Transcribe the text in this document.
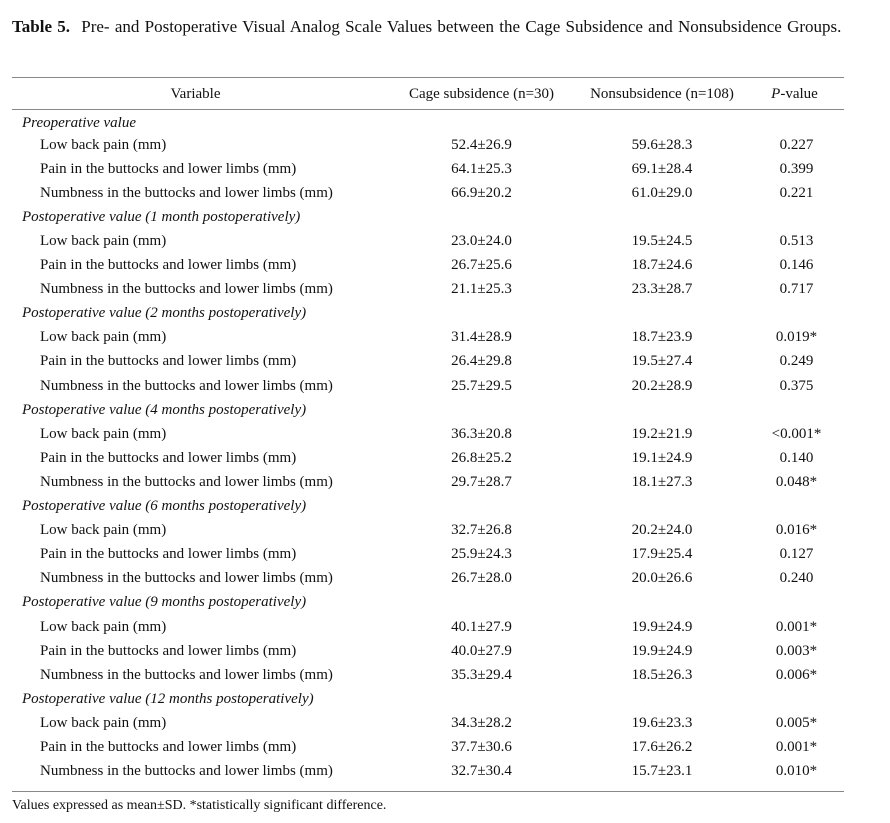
Table 5. Pre- and Postoperative Visual Analog Scale Values between the Cage Subsidence and Nonsubsidence Groups.
Variable	Cage subsidence (n=30)	Nonsubsidence (n=108)	P-value
Preoperative value			
Low back pain (mm)	52.4±26.9	59.6±28.3	0.227
Pain in the buttocks and lower limbs (mm)	64.1±25.3	69.1±28.4	0.399
Numbness in the buttocks and lower limbs (mm)	66.9±20.2	61.0±29.0	0.221
Postoperative value (1 month postoperatively)			
Low back pain (mm)	23.0±24.0	19.5±24.5	0.513
Pain in the buttocks and lower limbs (mm)	26.7±25.6	18.7±24.6	0.146
Numbness in the buttocks and lower limbs (mm)	21.1±25.3	23.3±28.7	0.717
Postoperative value (2 months postoperatively)			
Low back pain (mm)	31.4±28.9	18.7±23.9	0.019*
Pain in the buttocks and lower limbs (mm)	26.4±29.8	19.5±27.4	0.249
Numbness in the buttocks and lower limbs (mm)	25.7±29.5	20.2±28.9	0.375
Postoperative value (4 months postoperatively)			
Low back pain (mm)	36.3±20.8	19.2±21.9	<0.001*
Pain in the buttocks and lower limbs (mm)	26.8±25.2	19.1±24.9	0.140
Numbness in the buttocks and lower limbs (mm)	29.7±28.7	18.1±27.3	0.048*
Postoperative value (6 months postoperatively)			
Low back pain (mm)	32.7±26.8	20.2±24.0	0.016*
Pain in the buttocks and lower limbs (mm)	25.9±24.3	17.9±25.4	0.127
Numbness in the buttocks and lower limbs (mm)	26.7±28.0	20.0±26.6	0.240
Postoperative value (9 months postoperatively)			
Low back pain (mm)	40.1±27.9	19.9±24.9	0.001*
Pain in the buttocks and lower limbs (mm)	40.0±27.9	19.9±24.9	0.003*
Numbness in the buttocks and lower limbs (mm)	35.3±29.4	18.5±26.3	0.006*
Postoperative value (12 months postoperatively)			
Low back pain (mm)	34.3±28.2	19.6±23.3	0.005*
Pain in the buttocks and lower limbs (mm)	37.7±30.6	17.6±26.2	0.001*
Numbness in the buttocks and lower limbs (mm)	32.7±30.4	15.7±23.1	0.010*
Values expressed as mean±SD. *statistically significant difference.
